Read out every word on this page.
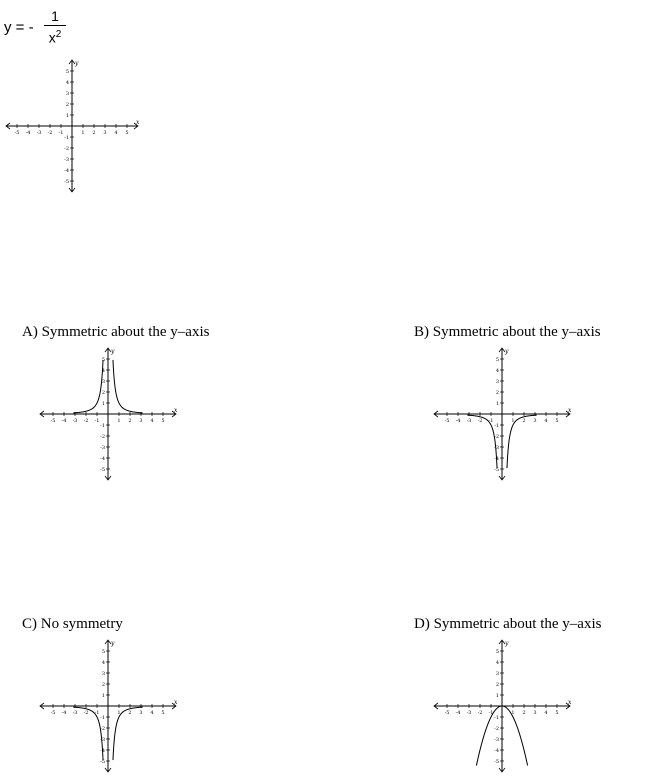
y = -
1
$x^2$
-5 -4 -3 -2 -1	1 2 3 4 5
5
4
3
2
1
-1
-2
-3
-4
-5
x
y
A) Symmetric about the y–axis
-5 -4 -3 -2 -1	1 2 3 4 5
5
4
3
2
1
-1
-2
-3
-4
-5
x
y
B) Symmetric about the y–axis
-5 -4 -3 -2 -1	1 2 3 4 5
5
4
3
2
1
-1
-2
-3
-4
-5
x
y
C) No symmetry
-5 -4 -3 -2 -1	1 2 3 4 5
5
4
3
2
1
-1
-2
-3
-4
-5
x
y
D) Symmetric about the y–axis
-5 -4 -3 -2 -1	1 2 3 4 5
5
4
3
2
1
-1
-2
-3
-4
-5
x
y
